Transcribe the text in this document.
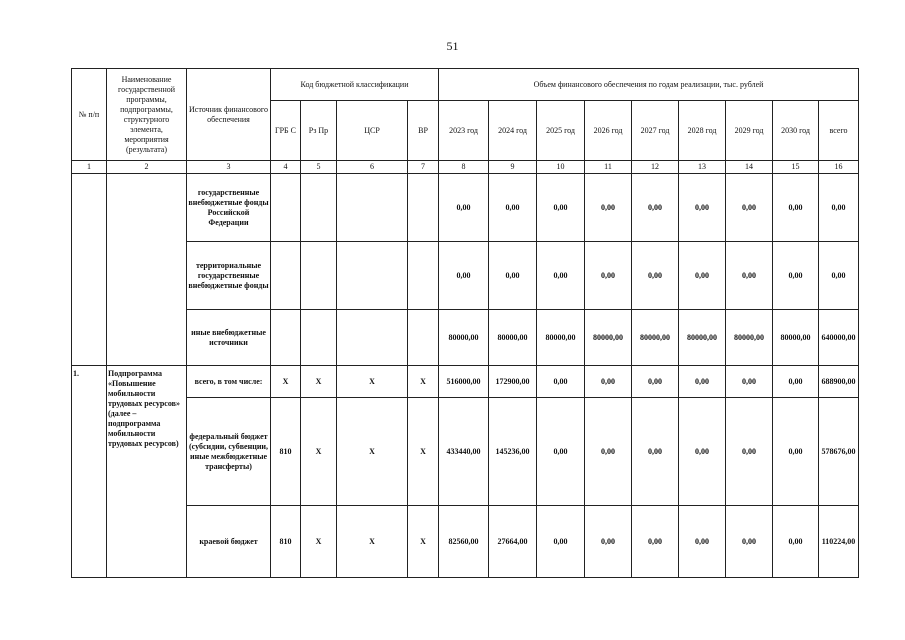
51
№ п/п	Наименование государственной программы, подпрограммы, структурного элемента, мероприятия (результата)	Источник финансового обеспечения	Код бюджетной классификации				Объем финансового обеспечения по годам реализации, тыс. рублей								
			ГРБ С	Рз Пр	ЦСР	ВР	2023 год	2024 год	2025 год	2026 год	2027 год	2028 год	2029 год	2030 год	всего
1	2	3	4	5	6	7	8	9	10	11	12	13	14	15	16
		государственные внебюджетные фонды Российской Федерации					0,00	0,00	0,00	0,00	0,00	0,00	0,00	0,00	0,00
		территориальные государственные внебюджетные фонды					0,00	0,00	0,00	0,00	0,00	0,00	0,00	0,00	0,00
		иные внебюджетные источники					80000,00	80000,00	80000,00	80000,00	80000,00	80000,00	80000,00	80000,00	640000,00
1.	Подпрограмма «Повышение мобильности трудовых ресурсов» (далее – подпрограмма мобильности трудовых ресурсов)	всего, в том числе:	X	X	X	X	516000,00	172900,00	0,00	0,00	0,00	0,00	0,00	0,00	688900,00
		федеральный бюджет (субсидии, субвенции, иные межбюджетные трансферты)	810	X	X	X	433440,00	145236,00	0,00	0,00	0,00	0,00	0,00	0,00	578676,00
		краевой бюджет	810	X	X	X	82560,00	27664,00	0,00	0,00	0,00	0,00	0,00	0,00	110224,00
